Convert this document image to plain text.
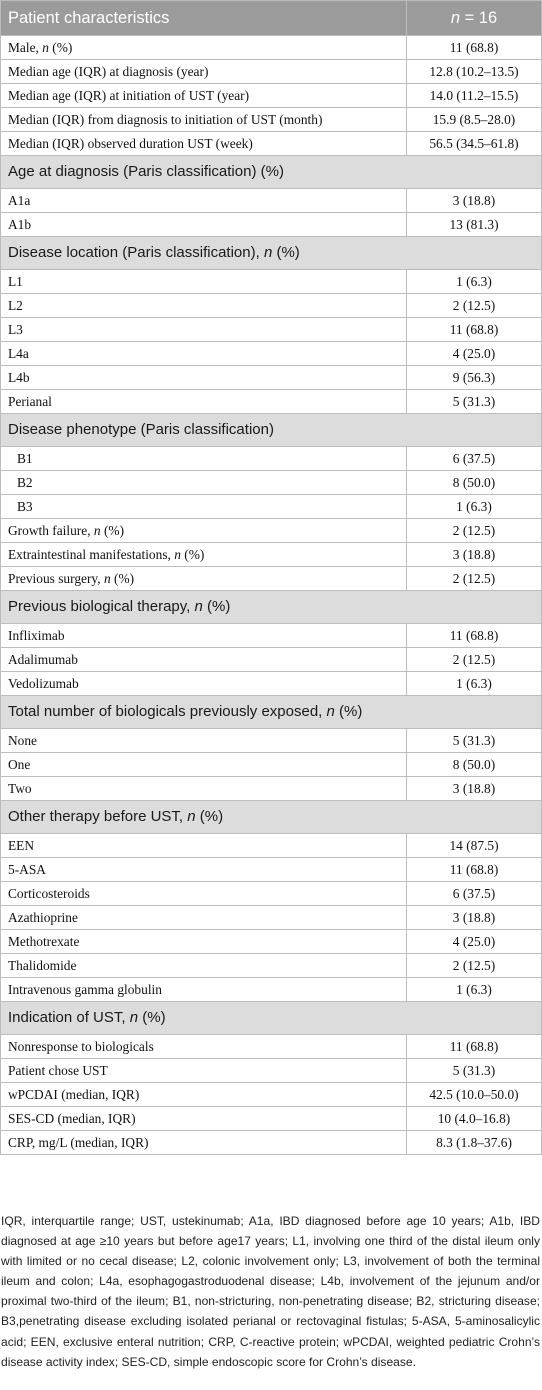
Patient characteristics	n = 16
Male, n (%)	11 (68.8)
Median age (IQR) at diagnosis (year)	12.8 (10.2–13.5)
Median age (IQR) at initiation of UST (year)	14.0 (11.2–15.5)
Median (IQR) from diagnosis to initiation of UST (month)	15.9 (8.5–28.0)
Median (IQR) observed duration UST (week)	56.5 (34.5–61.8)
Age at diagnosis (Paris classification) (%)	
A1a	3 (18.8)
A1b	13 (81.3)
Disease location (Paris classification), n (%)	
L1	1 (6.3)
L2	2 (12.5)
L3	11 (68.8)
L4a	4 (25.0)
L4b	9 (56.3)
Perianal	5 (31.3)
Disease phenotype (Paris classification)	
B1	6 (37.5)
B2	8 (50.0)
B3	1 (6.3)
Growth failure, n (%)	2 (12.5)
Extraintestinal manifestations, n (%)	3 (18.8)
Previous surgery, n (%)	2 (12.5)
Previous biological therapy, n (%)	
Infliximab	11 (68.8)
Adalimumab	2 (12.5)
Vedolizumab	1 (6.3)
Total number of biologicals previously exposed, n (%)	
None	5 (31.3)
One	8 (50.0)
Two	3 (18.8)
Other therapy before UST, n (%)	
EEN	14 (87.5)
5-ASA	11 (68.8)
Corticosteroids	6 (37.5)
Azathioprine	3 (18.8)
Methotrexate	4 (25.0)
Thalidomide	2 (12.5)
Intravenous gamma globulin	1 (6.3)
Indication of UST, n (%)	
Nonresponse to biologicals	11 (68.8)
Patient chose UST	5 (31.3)
wPCDAI (median, IQR)	42.5 (10.0–50.0)
SES-CD (median, IQR)	10 (4.0–16.8)
CRP, mg/L (median, IQR)	8.3 (1.8–37.6)
IQR, interquartile range; UST, ustekinumab; A1a, IBD diagnosed before age 10 years; A1b, IBD diagnosed at age ≥10 years but before age17 years; L1, involving one third of the distal ileum only with limited or no cecal disease; L2, colonic involvement only; L3, involvement of both the terminal ileum and colon; L4a, esophagogastroduodenal disease; L4b, involvement of the jejunum and/or proximal two-third of the ileum; B1, non-stricturing, non-penetrating disease; B2, stricturing disease; B3,penetrating disease excluding isolated perianal or rectovaginal fistulas; 5-ASA, 5-aminosalicylic acid; EEN, exclusive enteral nutrition; CRP, C-reactive protein; wPCDAI, weighted pediatric Crohn’s disease activity index; SES-CD, simple endoscopic score for Crohn’s disease.
